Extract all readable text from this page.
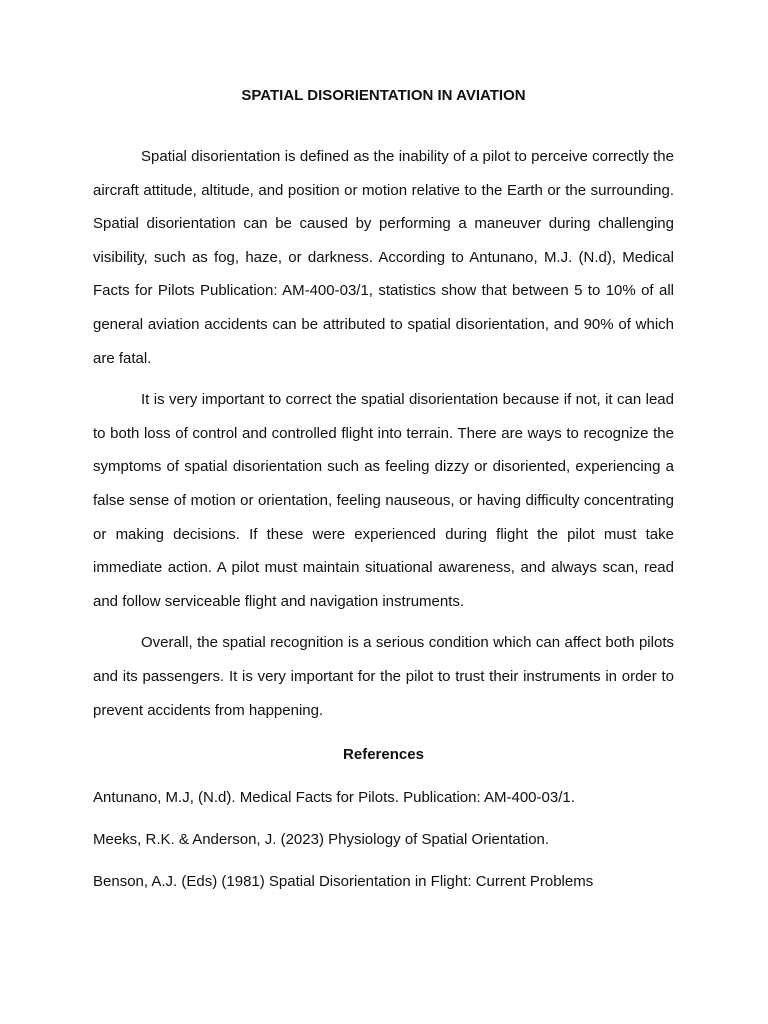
SPATIAL DISORIENTATION IN AVIATION

Spatial disorientation is defined as the inability of a pilot to perceive correctly the aircraft attitude, altitude, and position or motion relative to the Earth or the surrounding. Spatial disorientation can be caused by performing a maneuver during challenging visibility, such as fog, haze, or darkness. According to Antunano, M.J. (N.d), Medical Facts for Pilots Publication: AM-400-03/1, statistics show that between 5 to 10% of all general aviation accidents can be attributed to spatial disorientation, and 90% of which are fatal.

It is very important to correct the spatial disorientation because if not, it can lead to both loss of control and controlled flight into terrain. There are ways to recognize the symptoms of spatial disorientation such as feeling dizzy or disoriented, experiencing a false sense of motion or orientation, feeling nauseous, or having difficulty concentrating or making decisions. If these were experienced during flight the pilot must take immediate action. A pilot must maintain situational awareness, and always scan, read and follow serviceable flight and navigation instruments.

Overall, the spatial recognition is a serious condition which can affect both pilots and its passengers. It is very important for the pilot to trust their instruments in order to prevent accidents from happening.

References

Antunano, M.J, (N.d). Medical Facts for Pilots. Publication: AM-400-03/1.

Meeks, R.K. & Anderson, J. (2023) Physiology of Spatial Orientation.

Benson, A.J. (Eds) (1981) Spatial Disorientation in Flight: Current Problems
